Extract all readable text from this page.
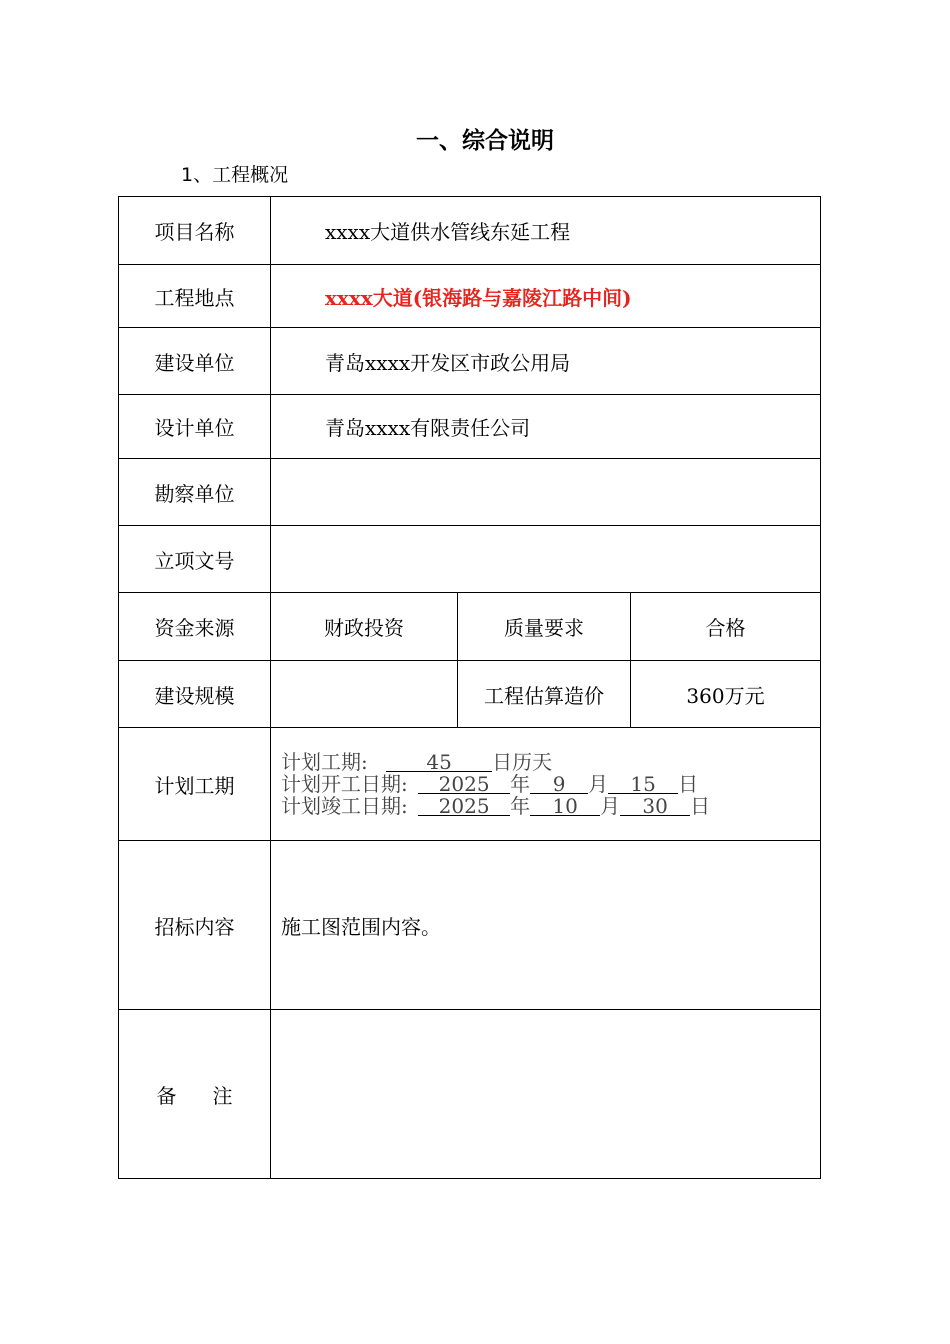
一、综合说明
1、工程概况
项目名称	xxxx大道供水管线东延工程		
工程地点	xxxx大道(银海路与嘉陵江路中间)		
建设单位	青岛xxxx开发区市政公用局		
设计单位	青岛xxxx有限责任公司		
勘察单位			
立项文号			
资金来源	财政投资	质量要求	合格
建设规模		工程估算造价	360万元
计划工期	计划工期: 45 日历天
计划开工日期: 2025 年 9 月 15 日
计划竣工日期: 2025 年 10 月 30 日		

招标内容	施工图范围内容。		
备 注			
